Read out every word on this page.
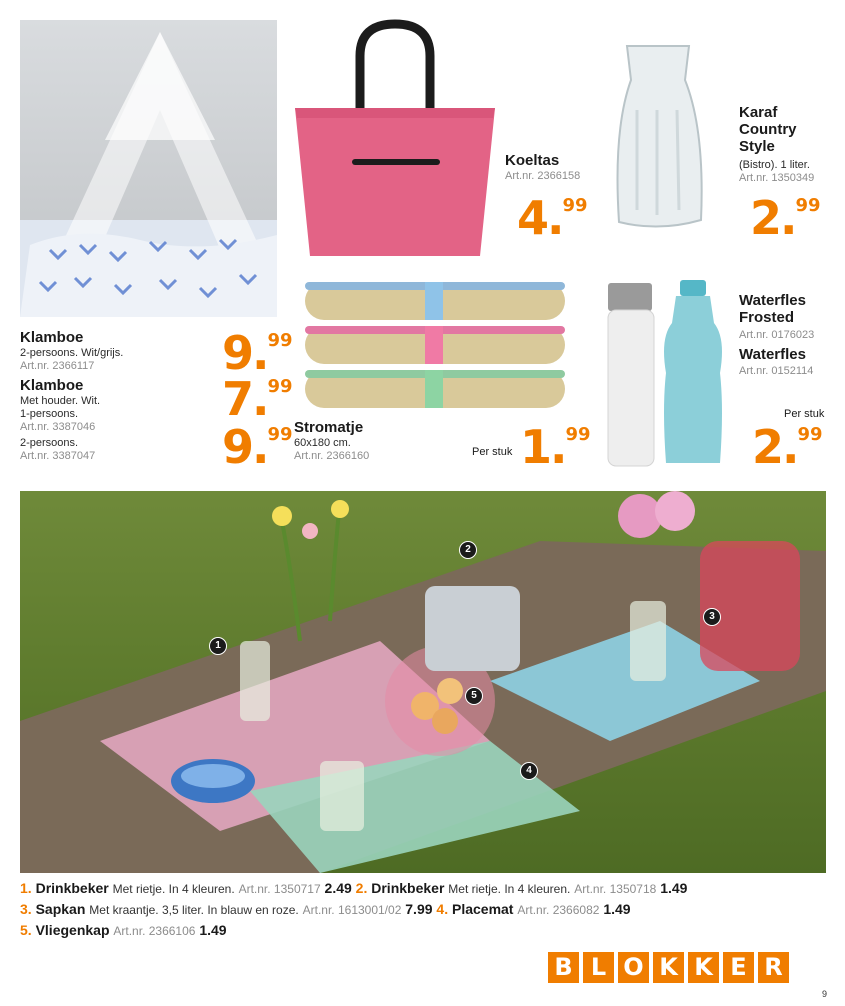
Klamboe
2-persoons. Wit/grijs.
Art.nr. 2366117
Klamboe
Met houder. Wit.
1-persoons.
Art.nr. 3387046
2-persoons.
Art.nr. 3387047
9.99
7.99
9.99
Koeltas
Art.nr. 2366158
4.99
Karaf
Country
Style
(Bistro). 1 liter.
Art.nr. 1350349
2.99
Stromatje
60x180 cm.
Art.nr. 2366160	Per stuk 1.99
Waterfles
Frosted
Art.nr. 0176023
Waterfles
Art.nr. 0152114
Per stuk
2.99
1
2
3
4
5
1. Drinkbeker Met rietje. In 4 kleuren. Art.nr. 1350717 2.49 2. Drinkbeker Met rietje. In 4 kleuren. Art.nr. 1350718 1.49
3. Sapkan Met kraantje. 3,5 liter. In blauw en roze. Art.nr. 1613001/02 7.99 4. Placemat Art.nr. 2366082 1.49
5. Vliegenkap Art.nr. 2366106 1.49
B L O K K E R
9
